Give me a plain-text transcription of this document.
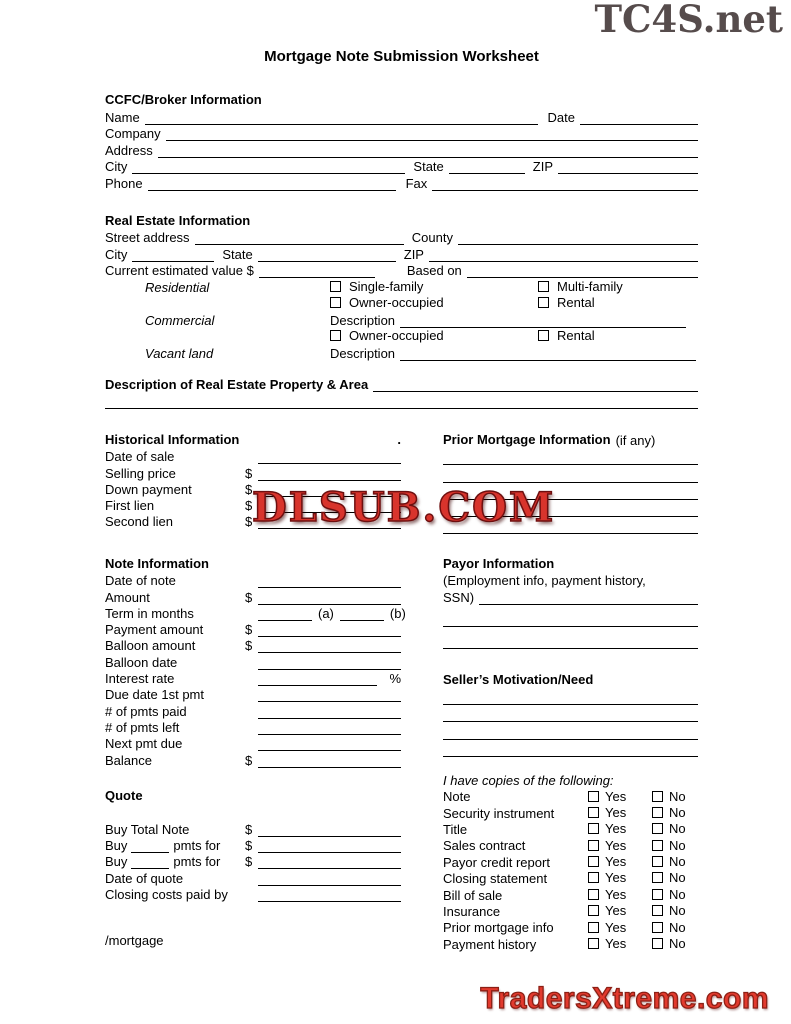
TC4S.net
Mortgage Note Submission Worksheet
CCFC/Broker Information
Name	Date
Company
Address
City	State	ZIP
Phone	Fax
Real Estate Information
Street address	County
City	State	ZIP
Current estimated value $	Based on
Residential	Single-family	Multi-family
Owner-occupied	Rental
Commercial	Description
Owner-occupied	Rental
Vacant land	Description
Description of Real Estate Property & Area
Historical Information	.
Date of sale
Selling price	$
Down payment	$
First lien	$
Second lien	$
Prior Mortgage Information (if any)
Note Information
Date of note
Amount	$
Term in months	(a)	(b)
Payment amount	$
Balloon amount	$
Balloon date
Interest rate	%
Due date 1st pmt
# of pmts paid
# of pmts left
Next pmt due
Balance	$
Payor Information
(Employment info, payment history,
SSN)
Seller’s Motivation/Need
Quote
Buy Total Note	$
Buy	pmts for $
Buy	pmts for $
Date of quote
Closing costs paid by
/mortgage
I have copies of the following:
Note	Yes	No
Security instrument	Yes	No
Title	Yes	No
Sales contract	Yes	No
Payor credit report	Yes	No
Closing statement	Yes	No
Bill of sale	Yes	No
Insurance	Yes	No
Prior mortgage info	Yes	No
Payment history	Yes	No
DLSUB.COM
TradersXtreme.com
